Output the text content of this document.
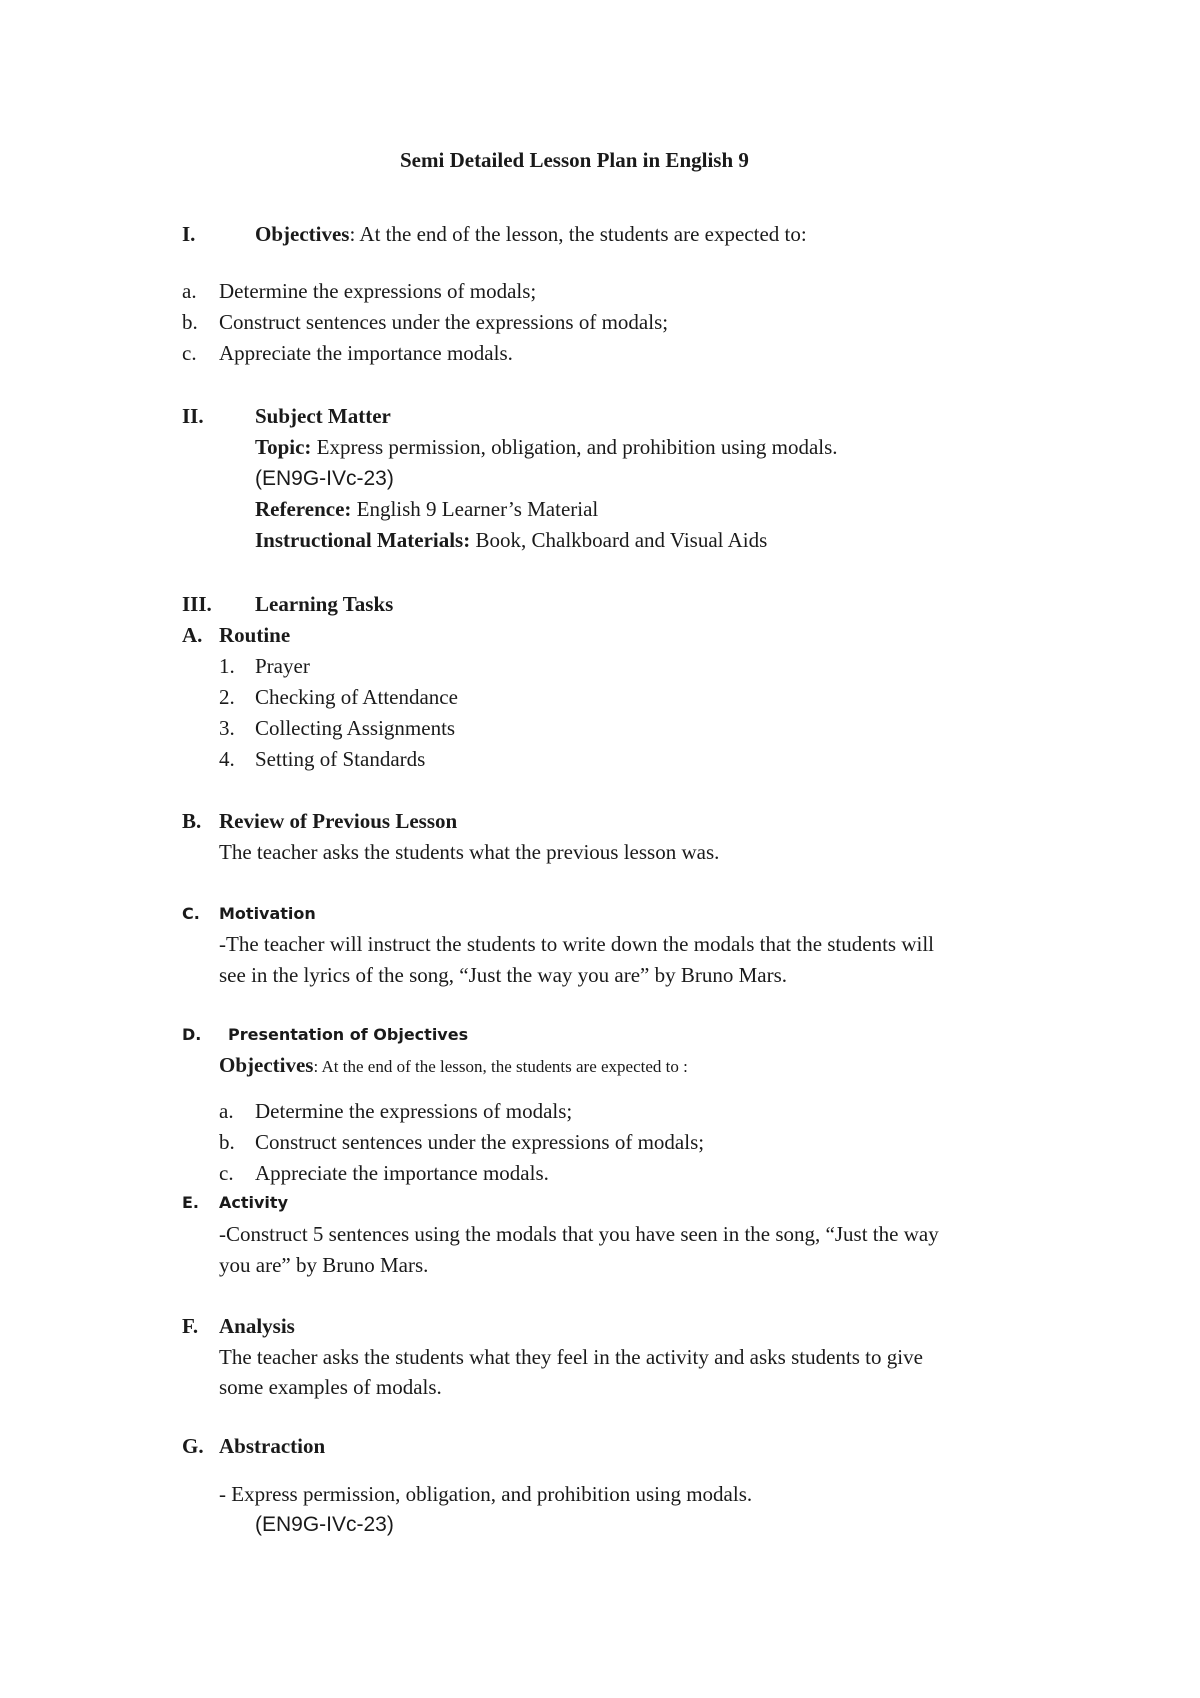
Semi Detailed Lesson Plan in English 9
I.	Objectives: At the end of the lesson, the students are expected to:
a. Determine the expressions of modals;
b. Construct sentences under the expressions of modals;
c. Appreciate the importance modals.
II. Subject Matter
Topic: Express permission, obligation, and prohibition using modals.
(EN9G-IVc-23)
Reference: English 9 Learner’s Material
Instructional Materials: Book, Chalkboard and Visual Aids
III. Learning Tasks
A. Routine
1. Prayer
2. Checking of Attendance
3. Collecting Assignments
4. Setting of Standards
B. Review of Previous Lesson
The teacher asks the students what the previous lesson was.
C. Motivation
-The teacher will instruct the students to write down the modals that the students will
see in the lyrics of the song, “Just the way you are” by Bruno Mars.
D. Presentation of Objectives
Objectives: At the end of the lesson, the students are expected to :
a. Determine the expressions of modals;
b. Construct sentences under the expressions of modals;
c. Appreciate the importance modals.
E. Activity
-Construct 5 sentences using the modals that you have seen in the song, “Just the way
you are” by Bruno Mars.
F. Analysis
The teacher asks the students what they feel in the activity and asks students to give
some examples of modals.
G. Abstraction
- Express permission, obligation, and prohibition using modals.
(EN9G-IVc-23)
